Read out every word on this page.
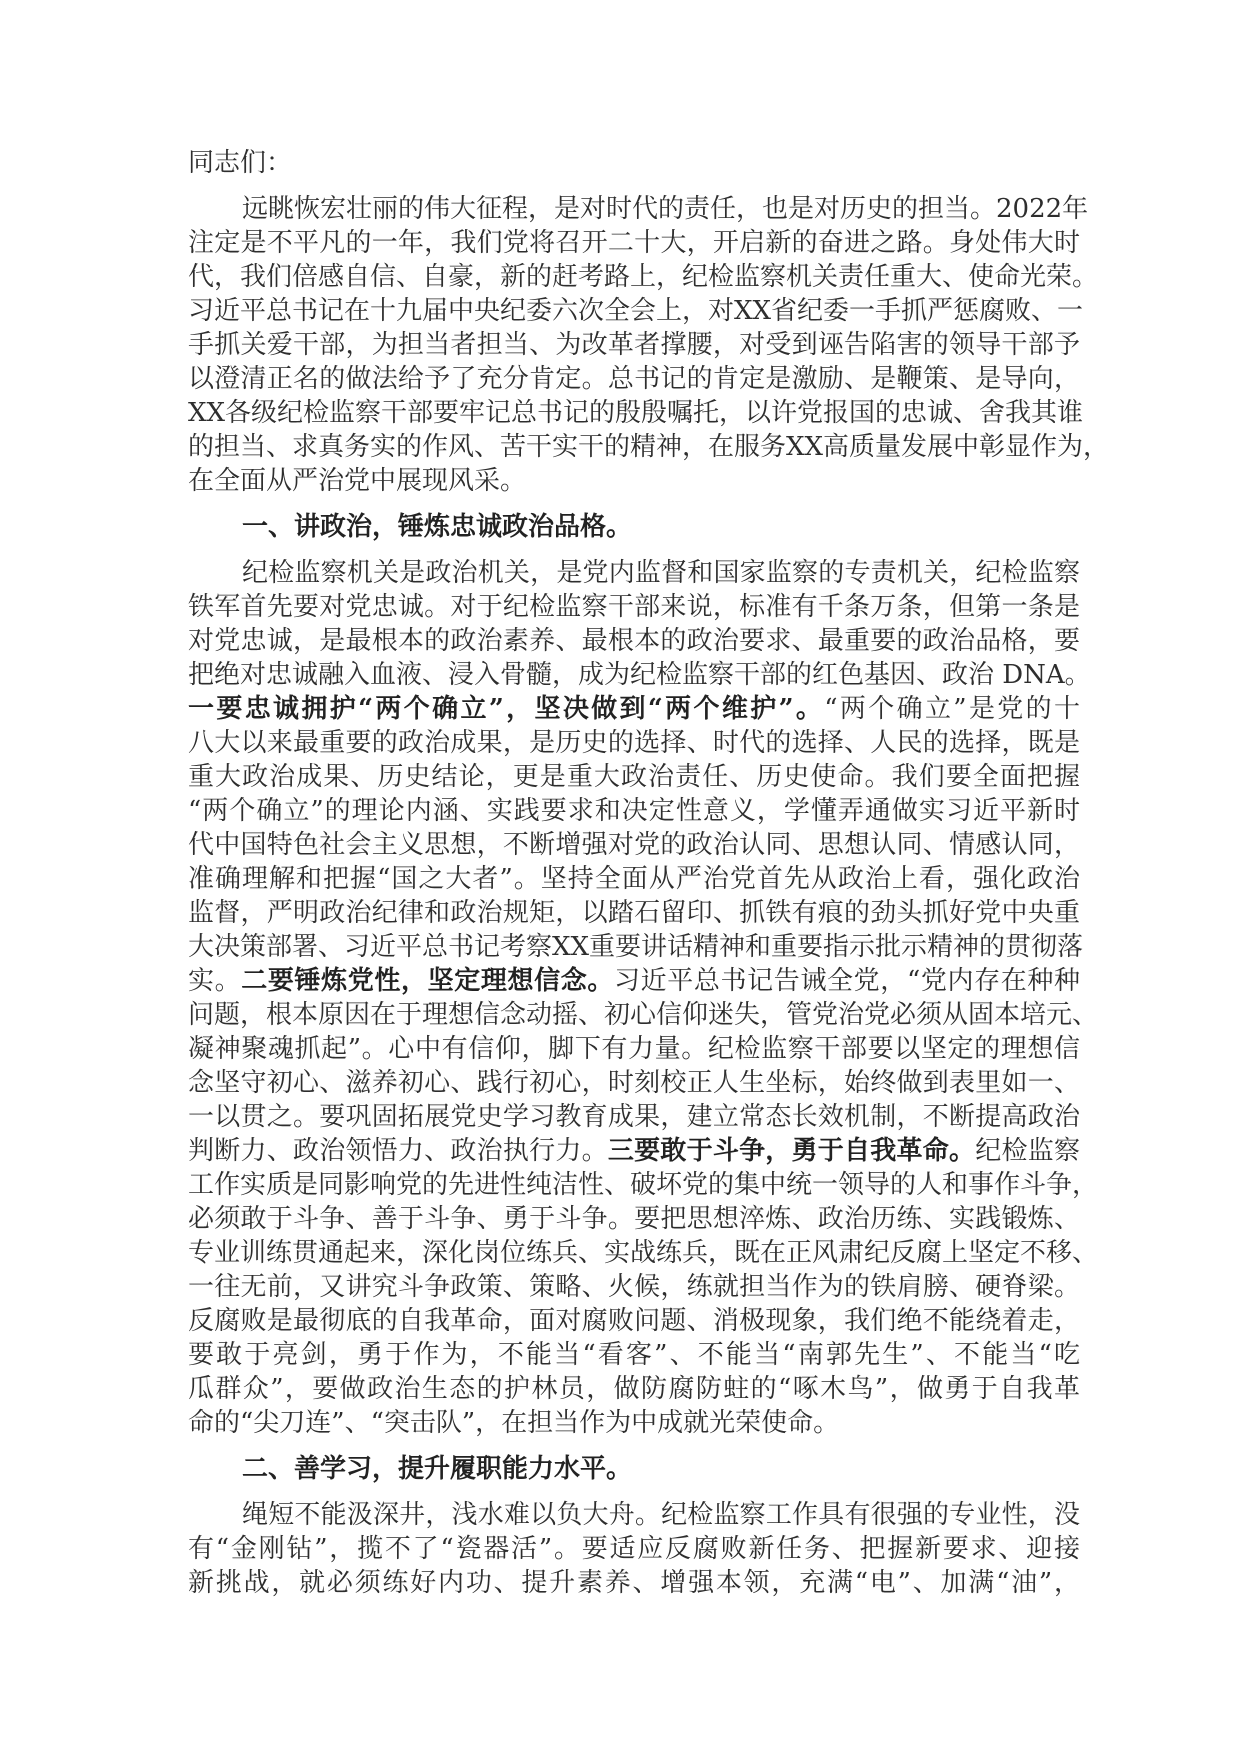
同志们：
远眺恢宏壮丽的伟大征程，是对时代的责任，也是对历史的担当。2022年
注定是不平凡的一年，我们党将召开二十大，开启新的奋进之路。身处伟大时
代，我们倍感自信、自豪，新的赶考路上，纪检监察机关责任重大、使命光荣。
习近平总书记在十九届中央纪委六次全会上，对XX省纪委一手抓严惩腐败、一
手抓关爱干部，为担当者担当、为改革者撑腰，对受到诬告陷害的领导干部予
以澄清正名的做法给予了充分肯定。总书记的肯定是激励、是鞭策、是导向，
XX各级纪检监察干部要牢记总书记的殷殷嘱托，以许党报国的忠诚、舍我其谁
的担当、求真务实的作风、苦干实干的精神，在服务XX高质量发展中彰显作为，
在全面从严治党中展现风采。
一、讲政治，锤炼忠诚政治品格。
纪检监察机关是政治机关，是党内监督和国家监察的专责机关，纪检监察
铁军首先要对党忠诚。对于纪检监察干部来说，标准有千条万条，但第一条是
对党忠诚，是最根本的政治素养、最根本的政治要求、最重要的政治品格，要
把绝对忠诚融入血液、浸入骨髓，成为纪检监察干部的红色基因、政治 DNA。
一要忠诚拥护“两个确立”，坚决做到“两个维护”。“两个确立”是党的十
八大以来最重要的政治成果，是历史的选择、时代的选择、人民的选择，既是
重大政治成果、历史结论，更是重大政治责任、历史使命。我们要全面把握
“两个确立”的理论内涵、实践要求和决定性意义，学懂弄通做实习近平新时
代中国特色社会主义思想，不断增强对党的政治认同、思想认同、情感认同，
准确理解和把握“国之大者”。坚持全面从严治党首先从政治上看，强化政治
监督，严明政治纪律和政治规矩，以踏石留印、抓铁有痕的劲头抓好党中央重
大决策部署、习近平总书记考察XX重要讲话精神和重要指示批示精神的贯彻落
实。二要锤炼党性，坚定理想信念。习近平总书记告诫全党，“党内存在种种
问题，根本原因在于理想信念动摇、初心信仰迷失，管党治党必须从固本培元、
凝神聚魂抓起”。心中有信仰，脚下有力量。纪检监察干部要以坚定的理想信
念坚守初心、滋养初心、践行初心，时刻校正人生坐标，始终做到表里如一、
一以贯之。要巩固拓展党史学习教育成果，建立常态长效机制，不断提高政治
判断力、政治领悟力、政治执行力。三要敢于斗争，勇于自我革命。纪检监察
工作实质是同影响党的先进性纯洁性、破坏党的集中统一领导的人和事作斗争，
必须敢于斗争、善于斗争、勇于斗争。要把思想淬炼、政治历练、实践锻炼、
专业训练贯通起来，深化岗位练兵、实战练兵，既在正风肃纪反腐上坚定不移、
一往无前，又讲究斗争政策、策略、火候，练就担当作为的铁肩膀、硬脊梁。
反腐败是最彻底的自我革命，面对腐败问题、消极现象，我们绝不能绕着走，
要敢于亮剑，勇于作为，不能当“看客”、不能当“南郭先生”、不能当“吃
瓜群众”，要做政治生态的护林员，做防腐防蛀的“啄木鸟”，做勇于自我革
命的“尖刀连”、“突击队”，在担当作为中成就光荣使命。
二、善学习，提升履职能力水平。
绳短不能汲深井，浅水难以负大舟。纪检监察工作具有很强的专业性，没
有“金刚钻”，揽不了“瓷器活”。要适应反腐败新任务、把握新要求、迎接
新挑战，就必须练好内功、提升素养、增强本领，充满“电”、加满“油”，
